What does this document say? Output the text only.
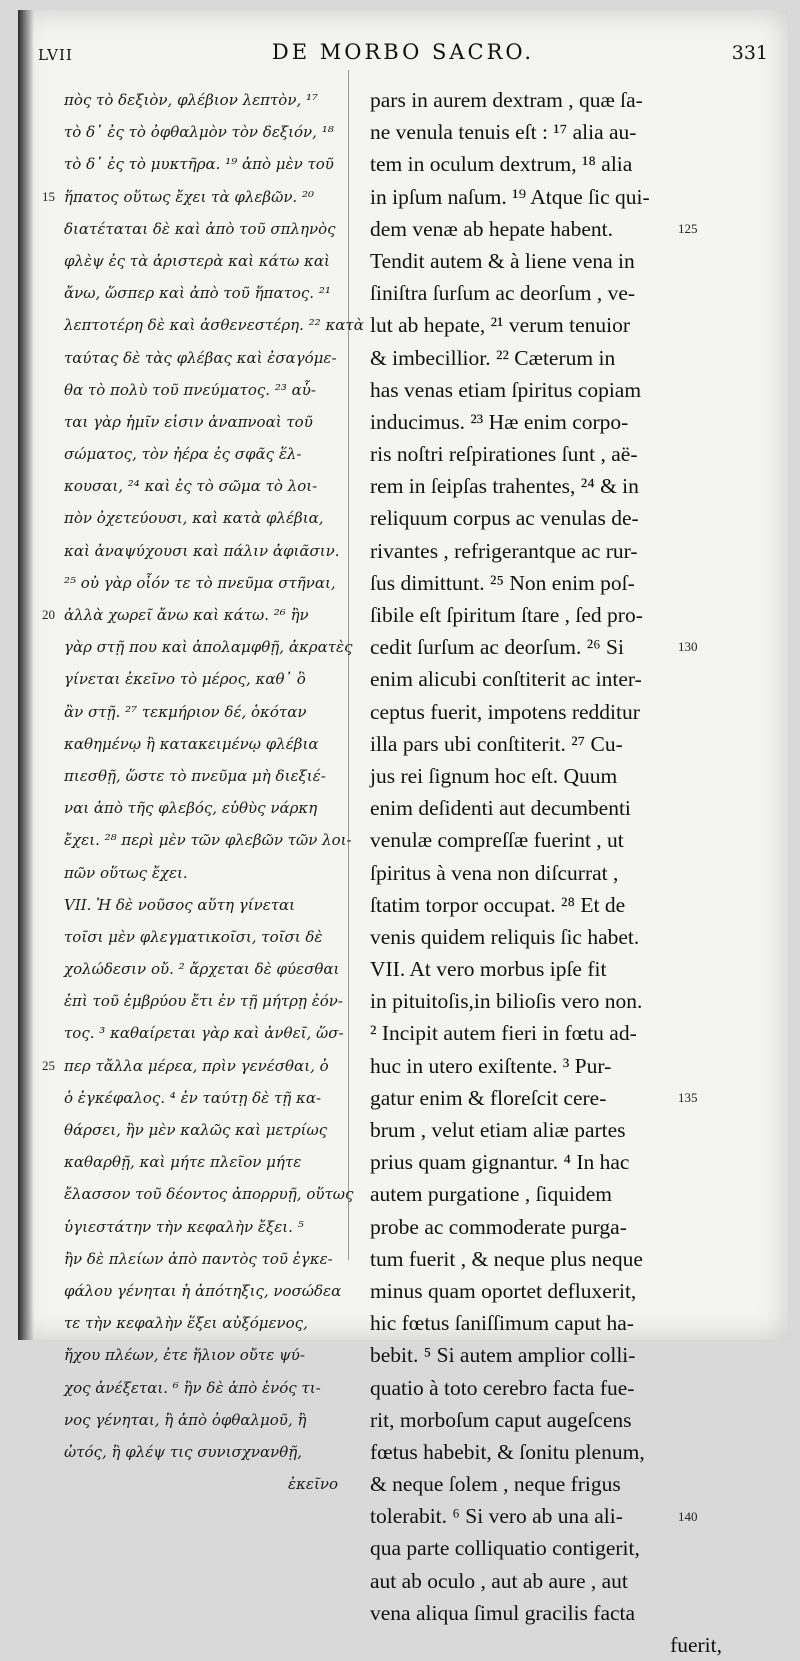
LVII	DE MORBO SACRO.	331
πὸς τὸ δεξιὸν, φλέβιον λεπτὸν, ¹⁷
τὸ δ᾽ ἐς τὸ ὀφθαλμὸν τὸν δεξιόν, ¹⁸
τὸ δ᾽ ἐς τὸ μυκτῆρα. ¹⁹ ἀπὸ μὲν τοῦ
ἥπατος οὕτως ἔχει τὰ φλεβῶν. ²⁰
διατέταται δὲ καὶ ἀπὸ τοῦ σπληνὸς
φλὲψ ἐς τὰ ἀριστερὰ καὶ κάτω καὶ
ἄνω, ὥσπερ καὶ ἀπὸ τοῦ ἥπατος. ²¹
λεπτοτέρη δὲ καὶ ἀσθενεστέρη. ²² κατὰ
ταύτας δὲ τὰς φλέβας καὶ ἐσαγόμε-
θα τὸ πολὺ τοῦ πνεύματος. ²³ αὗ-
ται γὰρ ἡμῖν εἰσιν ἀναπνοαὶ τοῦ
σώματος, τὸν ἠέρα ἐς σφᾶς ἕλ-
κουσαι, ²⁴ καὶ ἐς τὸ σῶμα τὸ λοι-
πὸν ὀχετεύουσι, καὶ κατὰ φλέβια,
καὶ ἀναψύχουσι καὶ πάλιν ἀφιᾶσιν.
²⁵ οὐ γὰρ οἷόν τε τὸ πνεῦμα στῆναι,
ἀλλὰ χωρεῖ ἄνω καὶ κάτω. ²⁶ ἢν
γὰρ στῇ που καὶ ἀπολαμφθῇ, ἀκρατὲς
γίνεται ἐκεῖνο τὸ μέρος, καθ᾽ ὃ
ἂν στῇ. ²⁷ τεκμήριον δέ, ὁκόταν
καθημένῳ ἢ κατακειμένῳ φλέβια
πιεσθῇ, ὥστε τὸ πνεῦμα μὴ διεξιέ-
ναι ἀπὸ τῆς φλεβός, εὐθὺς νάρκη
ἔχει. ²⁸ περὶ μὲν τῶν φλεβῶν τῶν λοι-
πῶν οὕτως ἔχει.
VII. Ἡ δὲ νοῦσος αὕτη γίνεται
τοῖσι μὲν φλεγματικοῖσι, τοῖσι δὲ
χολώδεσιν οὔ. ² ἄρχεται δὲ φύεσθαι
ἐπὶ τοῦ ἐμβρύου ἔτι ἐν τῇ μήτρῃ ἐόν-
τος. ³ καθαίρεται γὰρ καὶ ἀνθεῖ, ὥσ-
περ τἄλλα μέρεα, πρὶν γενέσθαι, ὁ
ὁ ἐγκέφαλος. ⁴ ἐν ταύτῃ δὲ τῇ κα-
θάρσει, ἢν μὲν καλῶς καὶ μετρίως
καθαρθῇ, καὶ μήτε πλεῖον μήτε
ἔλασσον τοῦ δέοντος ἀπορρυῇ, οὕτως
ὑγιεστάτην τὴν κεφαλὴν ἔξει. ⁵
ἢν δὲ πλείων ἀπὸ παντὸς τοῦ ἐγκε-
φάλου γένηται ἡ ἀπότηξις, νοσώδεα
τε τὴν κεφαλὴν ἕξει αὐξόμενος,
ἤχου πλέων, ἐτε ἥλιον οὔτε ψύ-
χος ἀνέξεται. ⁶ ἢν δὲ ἀπὸ ἑνός τι-
νος γένηται, ἢ ἀπὸ ὀφθαλμοῦ, ἢ
ὠτός, ἢ φλέψ τις συνισχνανθῇ,
ἐκεῖνο
pars in aurem dextram , quæ ſa-
ne venula tenuis eſt : ¹⁷ alia au-
tem in oculum dextrum, ¹⁸ alia
in ipſum naſum. ¹⁹ Atque ſic qui-
dem venæ ab hepate habent.
Tendit autem & à liene vena in
ſiniſtra ſurſum ac deorſum , ve-
lut ab hepate, ²¹ verum tenuior
& imbecillior. ²² Cæterum in
has venas etiam ſpiritus copiam
inducimus. ²³ Hæ enim corpo-
ris noſtri reſpirationes ſunt , aë-
rem in ſeipſas trahentes, ²⁴ & in
reliquum corpus ac venulas de-
rivantes , refrigerantque ac rur-
ſus dimittunt. ²⁵ Non enim poſ-
ſibile eſt ſpiritum ſtare , ſed pro-
cedit ſurſum ac deorſum. ²⁶ Si
enim alicubi conſtiterit ac inter-
ceptus fuerit, impotens redditur
illa pars ubi conſtiterit. ²⁷ Cu-
jus rei ſignum hoc eſt. Quum
enim deſidenti aut decumbenti
venulæ compreſſæ fuerint , ut
ſpiritus à vena non diſcurrat ,
ſtatim torpor occupat. ²⁸ Et de
venis quidem reliquis ſic habet.
VII. At vero morbus ipſe fit
in pituitoſis,in bilioſis vero non.
² Incipit autem fieri in fœtu ad-
huc in utero exiſtente. ³ Pur-
gatur enim & floreſcit cere-
brum , velut etiam aliæ partes
prius quam gignantur. ⁴ In hac
autem purgatione , ſiquidem
probe ac commoderate purga-
tum fuerit , & neque plus neque
minus quam oportet defluxerit,
hic fœtus ſaniſſimum caput ha-
bebit. ⁵ Si autem amplior colli-
quatio à toto cerebro facta fue-
rit, morboſum caput augeſcens
fœtus habebit, & ſonitu plenum,
& neque ſolem , neque frigus
tolerabit. ⁶ Si vero ab una ali-
qua parte colliquatio contigerit,
aut ab oculo , aut ab aure , aut
vena aliqua ſimul gracilis facta
fuerit,
15
20
25
125
130
135
140
